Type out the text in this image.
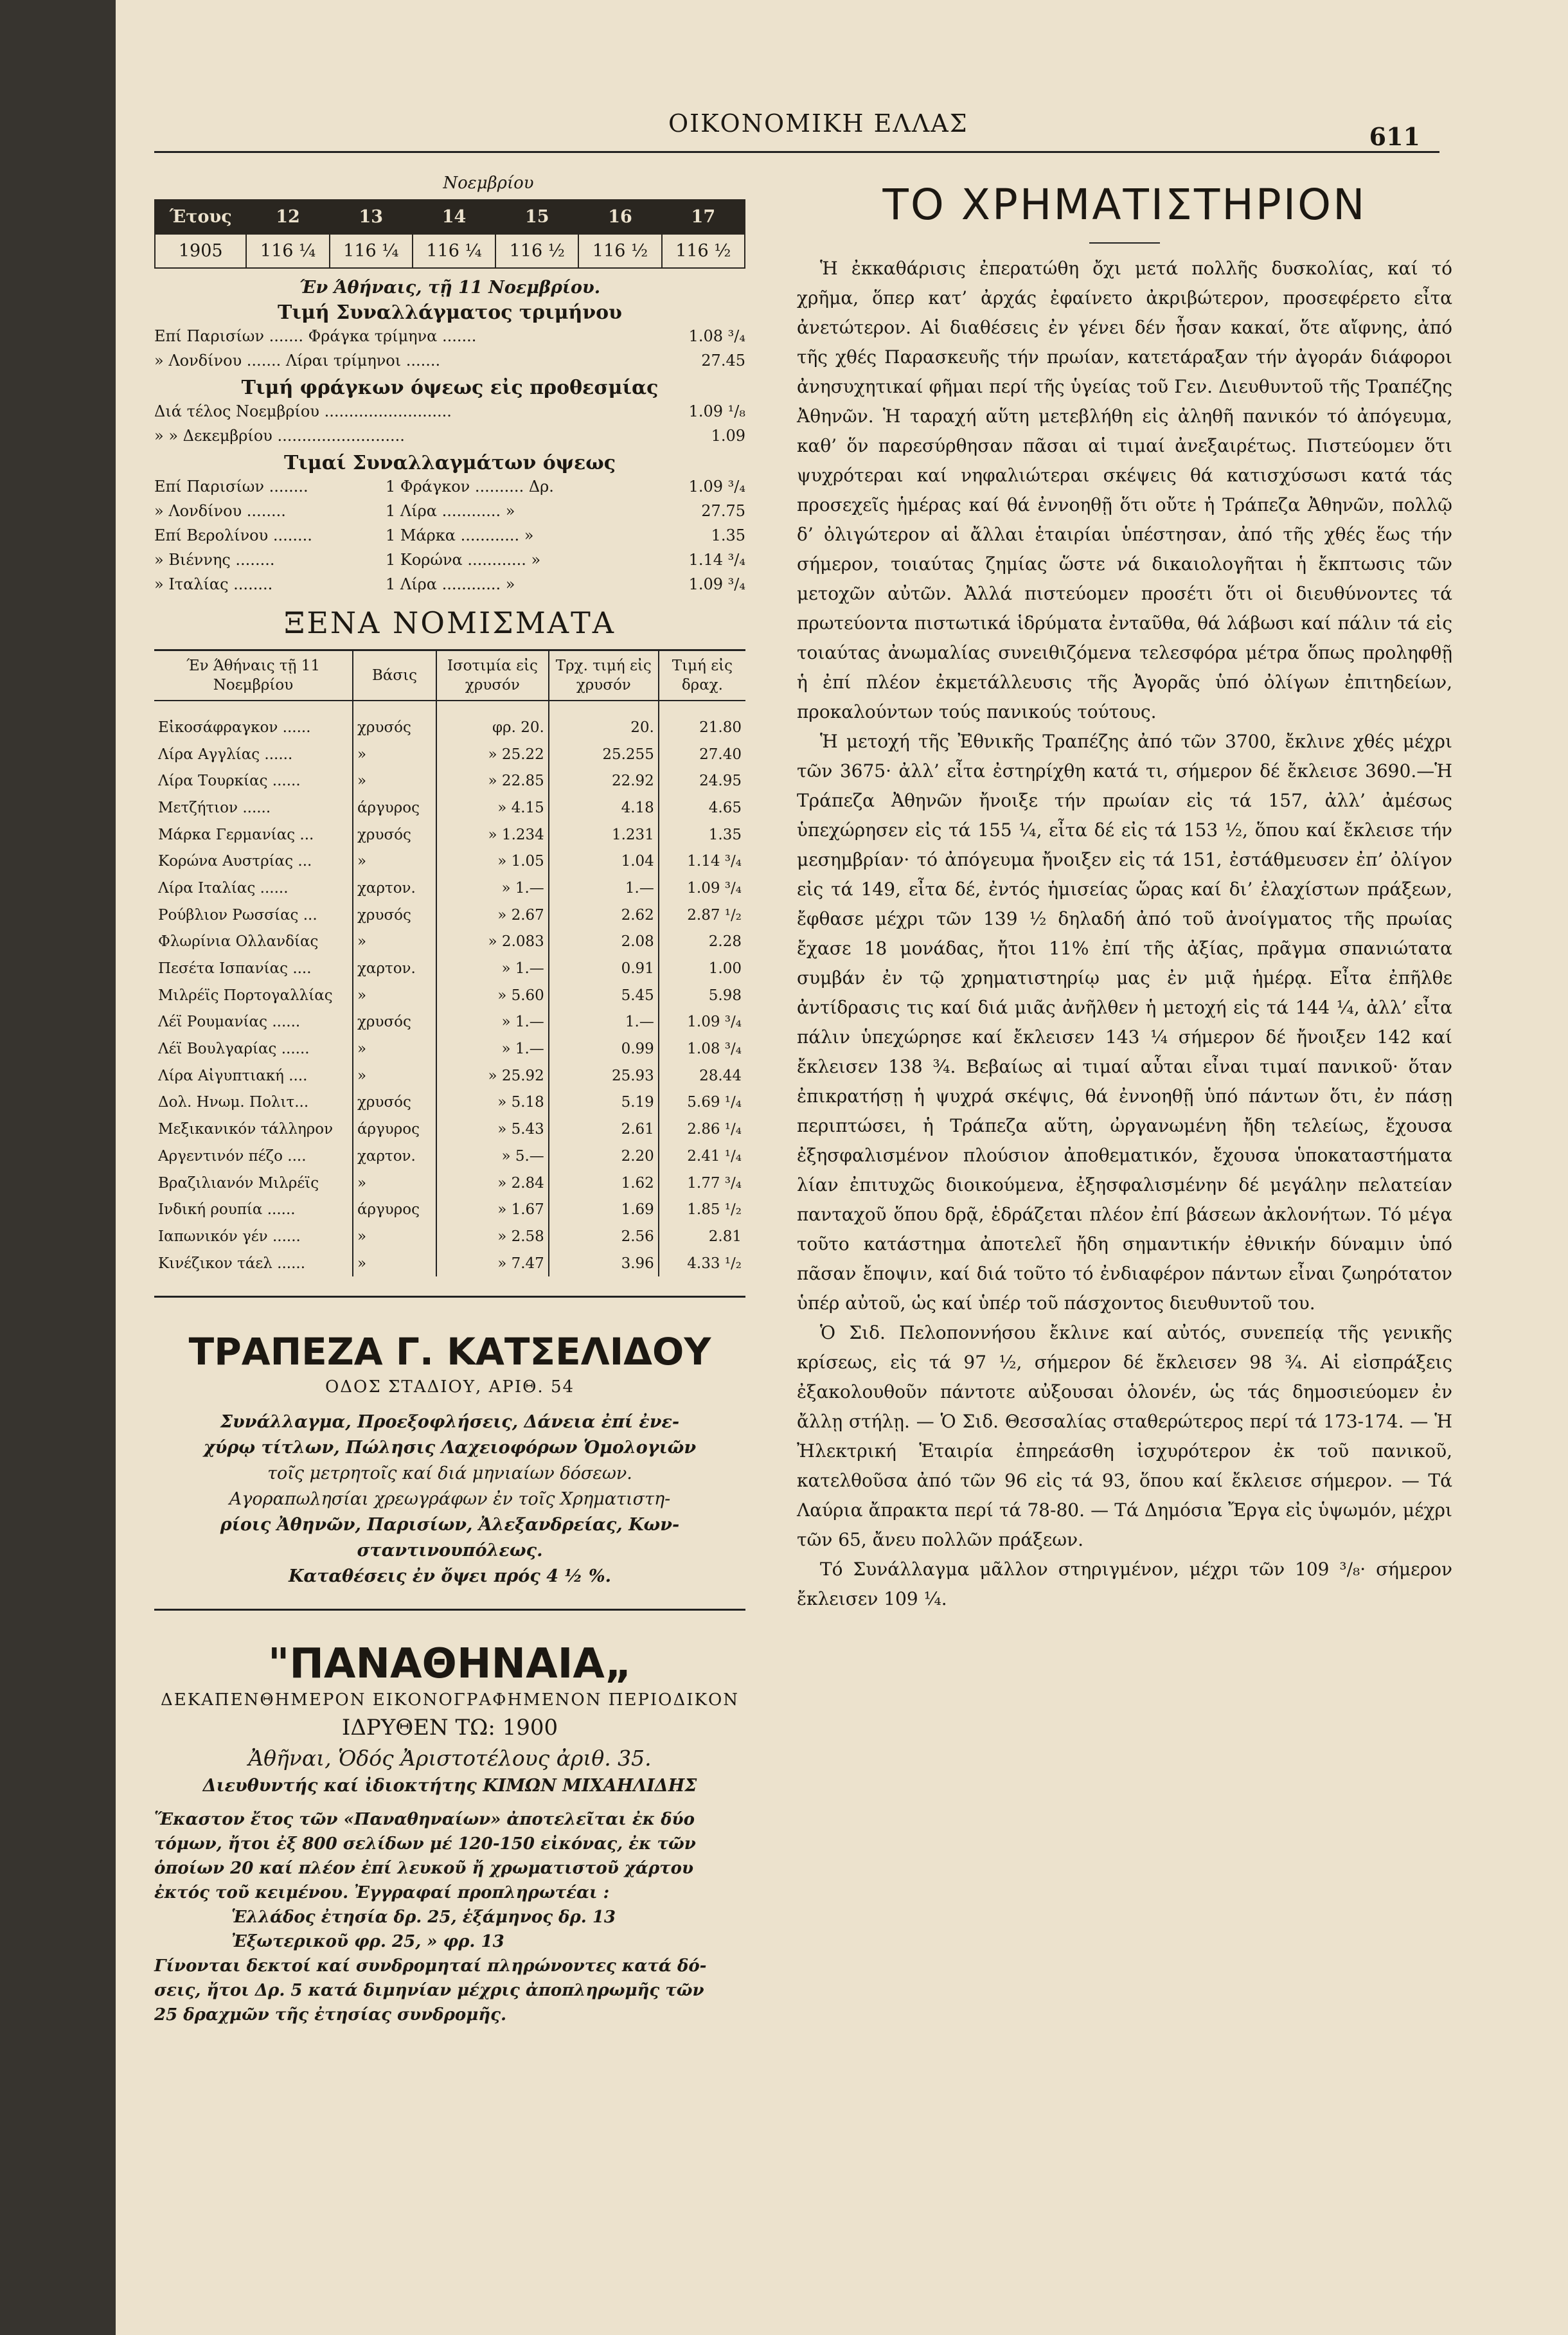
ΟΙΚΟΝΟΜΙΚΗ ΕΛΛΑΣ	611
Νοεμβρίου
Έτους	12	13	14	15	16	17
1905	116 ¼	116 ¼	116 ¼	116 ½	116 ½	116 ½
Έν Άθήναις, τῇ 11 Νοεμβρίου.
Τιμή Συναλλάγματος τριμήνου
Επί Παρισίων ....... Φράγκα τρίμηνα .......	1.08 ³/₄
» Λονδίνου ....... Λίραι τρίμηνοι .......	27.45
Τιμή φράγκων όψεως εἰς προθεσμίας
Διά τέλος Νοεμβρίου ..........................	1.09 ¹/₈
» » Δεκεμβρίου ..........................	1.09
Τιμαί Συναλλαγμάτων όψεως
Επί Παρισίων ........	1 Φράγκον .......... Δρ.	1.09 ³/₄
» Λονδίνου ........	1 Λίρα ............ »	27.75
Επί Βερολίνου ........	1 Μάρκα ............ »	1.35
» Βιέννης ........	1 Κορώνα ............ »	1.14 ³/₄
» Ιταλίας ........	1 Λίρα ............ »	1.09 ³/₄
ΞΕΝΑ ΝΟΜΙΣΜΑΤΑ
Έν Άθήναις τῇ 11 Νοεμβρίου	Βάσις	Ισοτιμία εἰς χρυσόν	Τρχ. τιμή εἰς χρυσόν	Τιμή εἰς δραχ.
Εἰκοσάφραγκον ......	χρυσός	φρ. 20.	20.	21.80
Λίρα Αγγλίας ......	»	» 25.22	25.255	27.40
Λίρα Τουρκίας ......	»	» 22.85	22.92	24.95
Μετζήτιον ......	άργυρος	» 4.15	4.18	4.65
Μάρκα Γερμανίας ...	χρυσός	» 1.234	1.231	1.35
Κορώνα Αυστρίας ...	»	» 1.05	1.04	1.14 ³/₄
Λίρα Ιταλίας ......	χαρτον.	» 1.—	1.—	1.09 ³/₄
Ρούβλιον Ρωσσίας ...	χρυσός	» 2.67	2.62	2.87 ¹/₂
Φλωρίνια Ολλανδίας	»	» 2.083	2.08	2.28
Πεσέτα Ισπανίας ....	χαρτον.	» 1.—	0.91	1.00
Μιλρέϊς Πορτογαλλίας	»	» 5.60	5.45	5.98
Λέϊ Ρουμανίας ......	χρυσός	» 1.—	1.—	1.09 ³/₄
Λέϊ Βουλγαρίας ......	»	» 1.—	0.99	1.08 ³/₄
Λίρα Αἰγυπτιακή ....	»	» 25.92	25.93	28.44
Δολ. Ηνωμ. Πολιτ...	χρυσός	» 5.18	5.19	5.69 ¹/₄
Μεξικανικόν τάλληρον	άργυρος	» 5.43	2.61	2.86 ¹/₄
Αργεντινόν πέζο ....	χαρτον.	» 5.—	2.20	2.41 ¹/₄
Βραζιλιανόν Μιλρέϊς	»	» 2.84	1.62	1.77 ³/₄
Ινδική ρουπία ......	άργυρος	» 1.67	1.69	1.85 ¹/₂
Ιαπωνικόν γέν ......	»	» 2.58	2.56	2.81
Κινέζικον τάελ ......	»	» 7.47	3.96	4.33 ¹/₂
ΤΡΑΠΕΖΑ Γ. ΚΑΤΣΕΛΙΔΟΥ
ΟΔΟΣ ΣΤΑΔΙΟΥ, ΑΡΙΘ. 54
Συνάλλαγμα, Προεξοφλήσεις, Δάνεια ἐπί ἐνε-
χύρῳ τίτλων, Πώλησις Λαχειοφόρων Ὁμολογιῶν
τοῖς μετρητοῖς καί διά μηνιαίων δόσεων.
Αγοραπωλησίαι χρεωγράφων ἐν τοῖς Χρηματιστη-
ρίοις Ἀθηνῶν, Παρισίων, Ἀλεξανδρείας, Κων-
σταντινουπόλεως.
Καταθέσεις ἐν ὄψει πρός 4 ½ %.
"ΠΑΝΑΘΗΝΑΙΑ„
ΔΕΚΑΠΕΝΘΗΜΕΡΟΝ ΕΙΚΟΝΟΓΡΑΦΗΜΕΝΟΝ ΠΕΡΙΟΔΙΚΟΝ
ΙΔΡΥΘΕΝ ΤΩ: 1900
Ἀθῆναι, Ὁδός Ἀριστοτέλους ἀριθ. 35.
Διευθυντής καί ἰδιοκτήτης ΚΙΜΩΝ ΜΙΧΑΗΛΙΔΗΣ
Ἕκαστον ἔτος τῶν «Παναθηναίων» ἀποτελεῖται ἐκ δύο
τόμων, ἤτοι ἐξ 800 σελίδων μέ 120-150 εἰκόνας, ἐκ τῶν
ὁποίων 20 καί πλέον ἐπί λευκοῦ ἤ χρωματιστοῦ χάρτου
ἐκτός τοῦ κειμένου. Ἐγγραφαί προπληρωτέαι :
Ἑλλάδος ἐτησία δρ. 25, ἑξάμηνος δρ. 13
Ἐξωτερικοῦ φρ. 25, » φρ. 13
Γίνονται δεκτοί καί συνδρομηταί πληρώνοντες κατά δό-
σεις, ἤτοι Δρ. 5 κατά διμηνίαν μέχρις ἀποπληρωμῆς τῶν
25 δραχμῶν τῆς ἐτησίας συνδρομῆς.
ΤΟ ΧΡΗΜΑΤΙΣΤΗΡΙΟΝ

Ἡ ἐκκαθάρισις ἐπερατώθη ὄχι μετά πολλῆς δυσκολίας, καί τό χρῆμα, ὅπερ κατ’ ἀρχάς ἐφαίνετο ἀκριβώτερον, προσεφέρετο εἶτα ἀνετώτερον. Αἱ διαθέσεις ἐν γένει δέν ἦσαν κακαί, ὅτε αἴφνης, ἀπό τῆς χθές Παρασκευῆς τήν πρωίαν, κατετάραξαν τήν ἀγοράν διάφοροι ἀνησυχητικαί φῆμαι περί τῆς ὑγείας τοῦ Γεν. Διευθυντοῦ τῆς Τραπέζης Ἀθηνῶν. Ἡ ταραχή αὕτη μετεβλήθη εἰς ἀληθῆ πανικόν τό ἀπόγευμα, καθ’ ὅν παρεσύρθησαν πᾶσαι αἱ τιμαί ἀνεξαιρέτως. Πιστεύομεν ὅτι ψυχρότεραι καί νηφαλιώτεραι σκέψεις θά κατισχύσωσι κατά τάς προσεχεῖς ἡμέρας καί θά ἐννοηθῇ ὅτι οὔτε ἡ Τράπεζα Ἀθηνῶν, πολλῷ δ’ ὀλιγώτερον αἱ ἄλλαι ἑταιρίαι ὑπέστησαν, ἀπό τῆς χθές ἕως τήν σήμερον, τοιαύτας ζημίας ὥστε νά δικαιολογῆται ἡ ἔκπτωσις τῶν μετοχῶν αὐτῶν. Ἀλλά πιστεύομεν προσέτι ὅτι οἱ διευθύνοντες τά πρωτεύοντα πιστωτικά ἱδρύματα ἐνταῦθα, θά λάβωσι καί πάλιν τά εἰς τοιαύτας ἀνωμαλίας συνειθιζόμενα τελεσφόρα μέτρα ὅπως προληφθῇ ἡ ἐπί πλέον ἐκμετάλλευσις τῆς Ἀγορᾶς ὑπό ὀλίγων ἐπιτηδείων, προκαλούντων τούς πανικούς τούτους.

Ἡ μετοχή τῆς Ἐθνικῆς Τραπέζης ἀπό τῶν 3700, ἔκλινε χθές μέχρι τῶν 3675· ἀλλ’ εἶτα ἐστηρίχθη κατά τι, σήμερον δέ ἔκλεισε 3690.—Ἡ Τράπεζα Ἀθηνῶν ἤνοιξε τήν πρωίαν εἰς τά 157, ἀλλ’ ἀμέσως ὑπεχώρησεν εἰς τά 155 ¼, εἶτα δέ εἰς τά 153 ½, ὅπου καί ἔκλεισε τήν μεσημβρίαν· τό ἀπόγευμα ἤνοιξεν εἰς τά 151, ἐστάθμευσεν ἐπ’ ὀλίγον εἰς τά 149, εἶτα δέ, ἐντός ἡμισείας ὥρας καί δι’ ἐλαχίστων πράξεων, ἔφθασε μέχρι τῶν 139 ½ δηλαδή ἀπό τοῦ ἀνοίγματος τῆς πρωίας ἔχασε 18 μονάδας, ἤτοι 11% ἐπί τῆς ἀξίας, πρᾶγμα σπανιώτατα συμβάν ἐν τῷ χρηματιστηρίῳ μας ἐν μιᾷ ἡμέρᾳ. Εἶτα ἐπῆλθε ἀντίδρασις τις καί διά μιᾶς ἀνῆλθεν ἡ μετοχή εἰς τά 144 ¼, ἀλλ’ εἶτα πάλιν ὑπεχώρησε καί ἔκλεισεν 143 ¼ σήμερον δέ ἤνοιξεν 142 καί ἔκλεισεν 138 ¾. Βεβαίως αἱ τιμαί αὗται εἶναι τιμαί πανικοῦ· ὅταν ἐπικρατήσῃ ἡ ψυχρά σκέψις, θά ἐννοηθῇ ὑπό πάντων ὅτι, ἐν πάσῃ περιπτώσει, ἡ Τράπεζα αὕτη, ὠργανωμένη ἤδη τελείως, ἔχουσα ἐξησφαλισμένον πλούσιον ἀποθεματικόν, ἔχουσα ὑποκαταστήματα λίαν ἐπιτυχῶς διοικούμενα, ἐξησφαλισμένην δέ μεγάλην πελατείαν πανταχοῦ ὅπου δρᾷ, ἑδράζεται πλέον ἐπί βάσεων ἀκλονήτων. Τό μέγα τοῦτο κατάστημα ἀποτελεῖ ἤδη σημαντικήν ἐθνικήν δύναμιν ὑπό πᾶσαν ἔποψιν, καί διά τοῦτο τό ἐνδιαφέρον πάντων εἶναι ζωηρότατον ὑπέρ αὐτοῦ, ὡς καί ὑπέρ τοῦ πάσχοντος διευθυντοῦ του.

Ὁ Σιδ. Πελοποννήσου ἔκλινε καί αὐτός, συνεπείᾳ τῆς γενικῆς κρίσεως, εἰς τά 97 ½, σήμερον δέ ἔκλεισεν 98 ¾. Αἱ εἰσπράξεις ἐξακολουθοῦν πάντοτε αὐξουσαι ὁλονέν, ὡς τάς δημοσιεύομεν ἐν ἄλλῃ στήλῃ. — Ὁ Σιδ. Θεσσαλίας σταθερώτερος περί τά 173-174. — Ἡ Ἠλεκτρική Ἑταιρία ἐπηρεάσθη ἰσχυρότερον ἐκ τοῦ πανικοῦ, κατελθοῦσα ἀπό τῶν 96 εἰς τά 93, ὅπου καί ἔκλεισε σήμερον. — Τά Λαύρια ἄπρακτα περί τά 78-80. — Τά Δημόσια Ἔργα εἰς ὑψωμόν, μέχρι τῶν 65, ἄνευ πολλῶν πράξεων.

Τό Συνάλλαγμα μᾶλλον στηριγμένον, μέχρι τῶν 109 ³/₈· σήμερον ἔκλεισεν 109 ¼.
